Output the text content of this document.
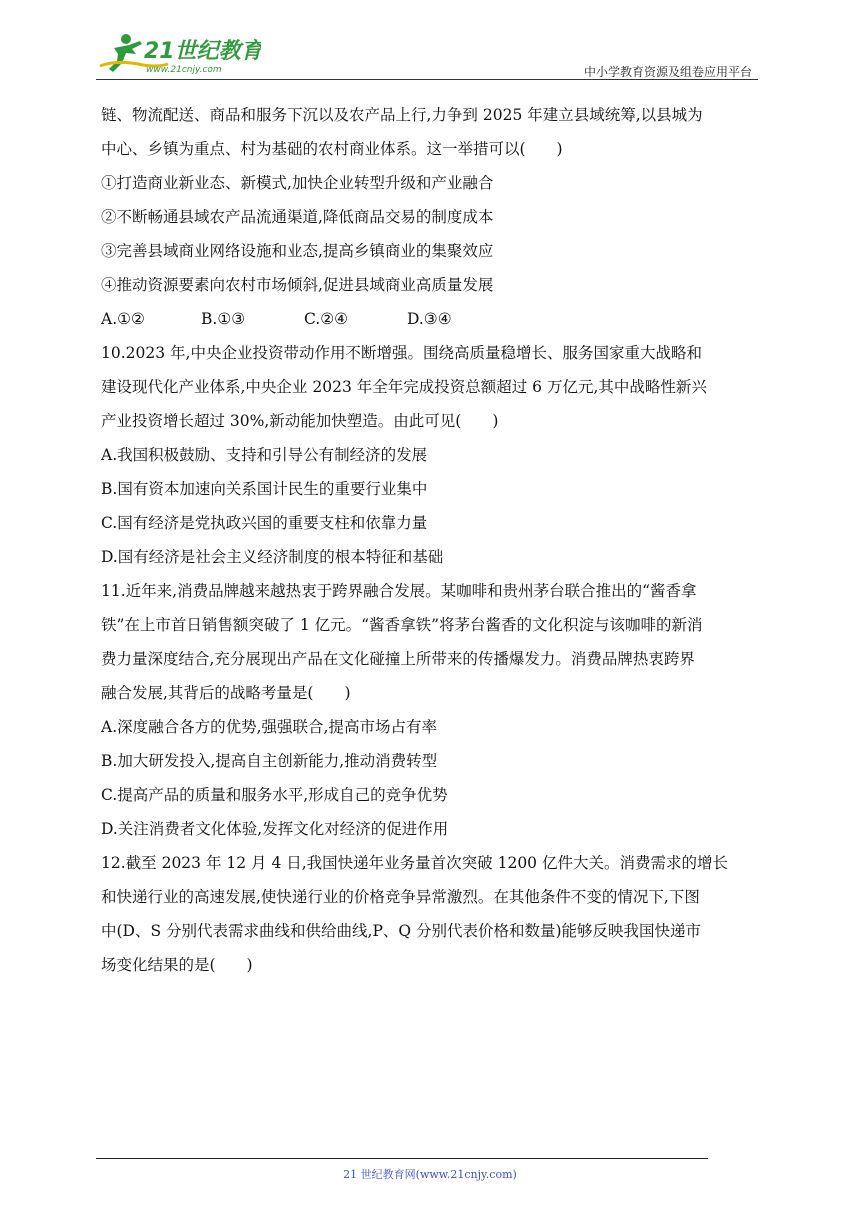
21世纪教育
www.21cnjy.com	中小学教育资源及组卷应用平台
链、物流配送、商品和服务下沉以及农产品上行,力争到 2025 年建立县域统筹,以县城为
中心、乡镇为重点、村为基础的农村商业体系。这一举措可以(　　)
①打造商业新业态、新模式,加快企业转型升级和产业融合
②不断畅通县域农产品流通渠道,降低商品交易的制度成本
③完善县域商业网络设施和业态,提高乡镇商业的集聚效应
④推动资源要素向农村市场倾斜,促进县域商业高质量发展
A.①②	B.①③	C.②④	D.③④
10.2023 年,中央企业投资带动作用不断增强。围绕高质量稳增长、服务国家重大战略和
建设现代化产业体系,中央企业 2023 年全年完成投资总额超过 6 万亿元,其中战略性新兴
产业投资增长超过 30%,新动能加快塑造。由此可见(　　)
A.我国积极鼓励、支持和引导公有制经济的发展
B.国有资本加速向关系国计民生的重要行业集中
C.国有经济是党执政兴国的重要支柱和依靠力量
D.国有经济是社会主义经济制度的根本特征和基础
11.近年来,消费品牌越来越热衷于跨界融合发展。某咖啡和贵州茅台联合推出的“酱香拿
铁”在上市首日销售额突破了 1 亿元。“酱香拿铁”将茅台酱香的文化积淀与该咖啡的新消
费力量深度结合,充分展现出产品在文化碰撞上所带来的传播爆发力。消费品牌热衷跨界
融合发展,其背后的战略考量是(　　)
A.深度融合各方的优势,强强联合,提高市场占有率
B.加大研发投入,提高自主创新能力,推动消费转型
C.提高产品的质量和服务水平,形成自己的竞争优势
D.关注消费者文化体验,发挥文化对经济的促进作用
12.截至 2023 年 12 月 4 日,我国快递年业务量首次突破 1200 亿件大关。消费需求的增长
和快递行业的高速发展,使快递行业的价格竞争异常激烈。在其他条件不变的情况下,下图
中(D、S 分别代表需求曲线和供给曲线,P、Q 分别代表价格和数量)能够反映我国快递市
场变化结果的是(　　)
21 世纪教育网(www.21cnjy.com)
